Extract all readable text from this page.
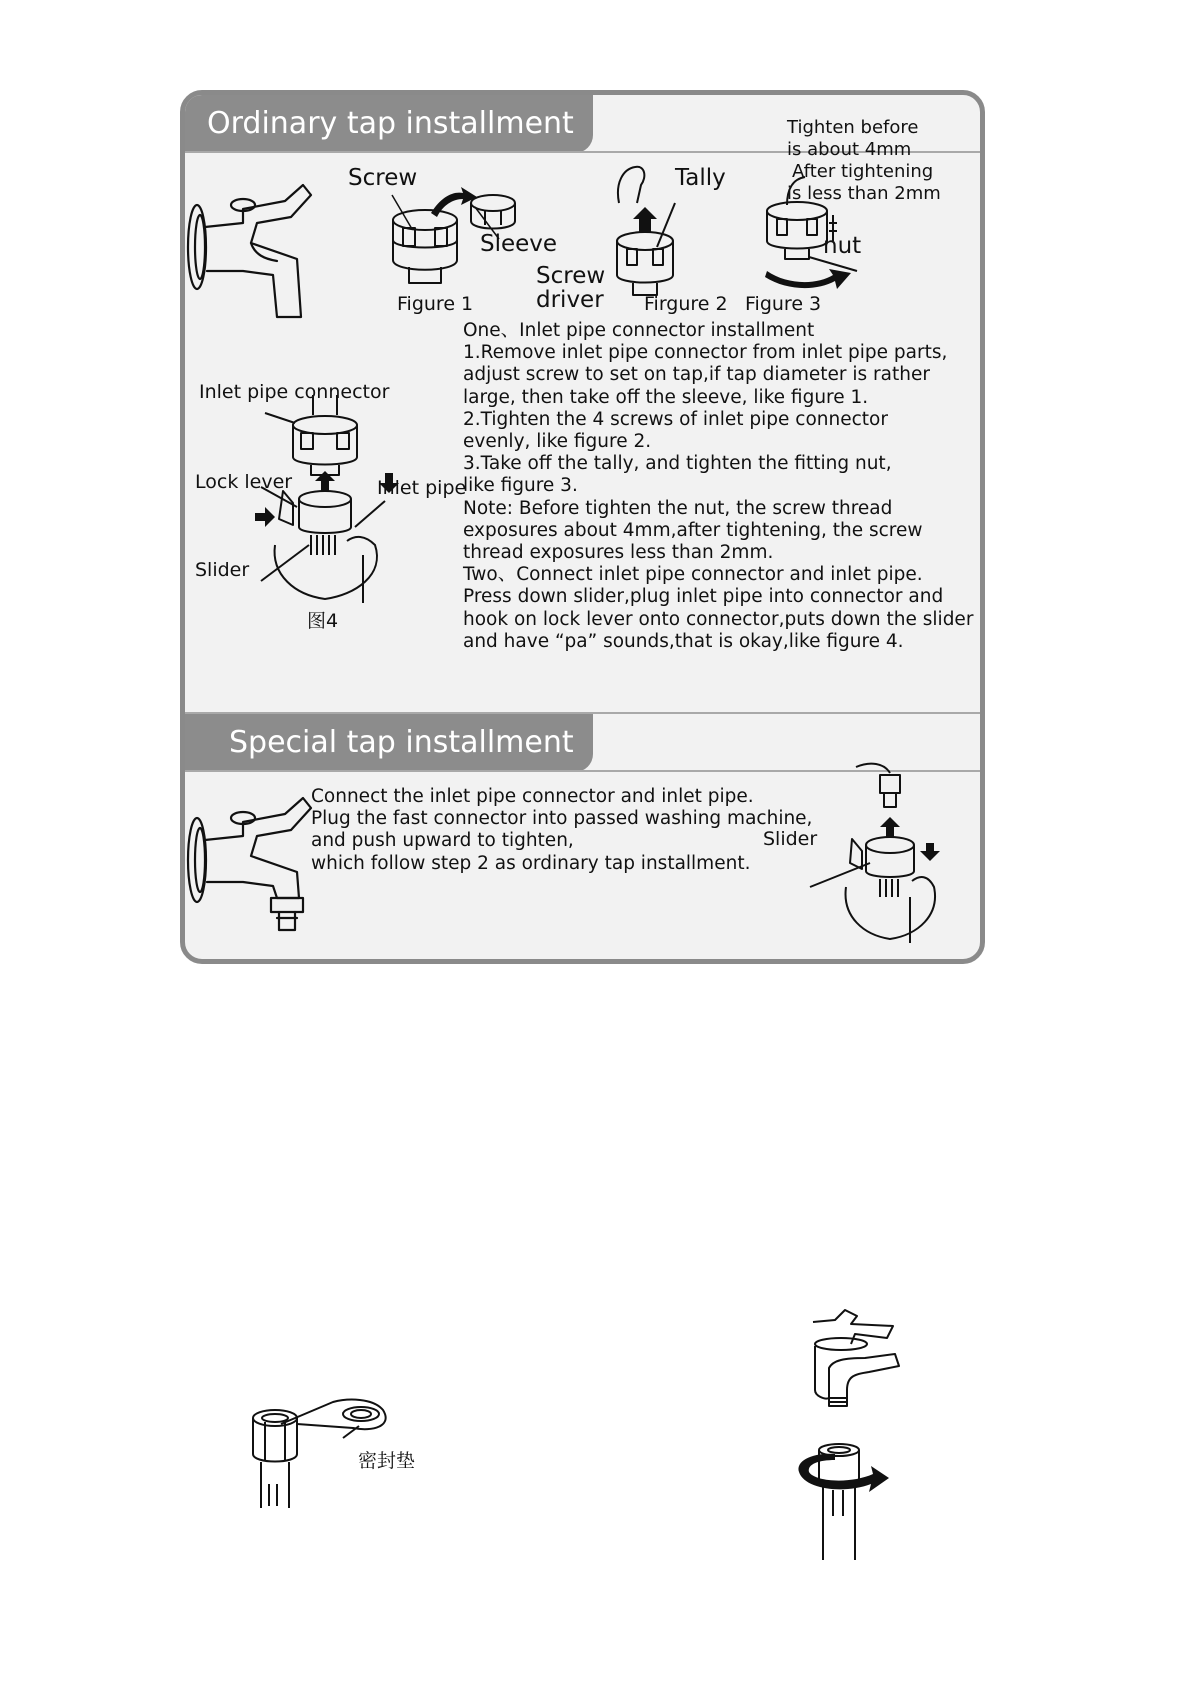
Ordinary tap installment
Screw
Sleeve
Figure 1
Tally
Screw
driver Firgure 2
Tighten before
is about 4mm
After tightening
is less than 2mm
nut
Figure 3
Inlet pipe connector
Lock lever	Inlet pipe
Slider
图4
One、Inlet pipe connector installment
1.Remove inlet pipe connector from inlet pipe parts,
adjust screw to set on tap,if tap diameter is rather
large, then take off the sleeve, like figure 1.
2.Tighten the 4 screws of inlet pipe connector
evenly, like figure 2.
3.Take off the tally, and tighten the fitting nut,
like figure 3.
Note: Before tighten the nut, the screw thread
exposures about 4mm,after tightening, the screw
thread exposures less than 2mm.
Two、Connect inlet pipe connector and inlet pipe.
Press down slider,plug inlet pipe into connector and
hook on lock lever onto connector,puts down the slider
and have “pa” sounds,that is okay,like figure 4.
Special tap installment
Connect the inlet pipe connector and inlet pipe.
Plug the fast connector into passed washing machine,
and push upward to tighten,
which follow step 2 as ordinary tap installment.
Slider
密封垫
